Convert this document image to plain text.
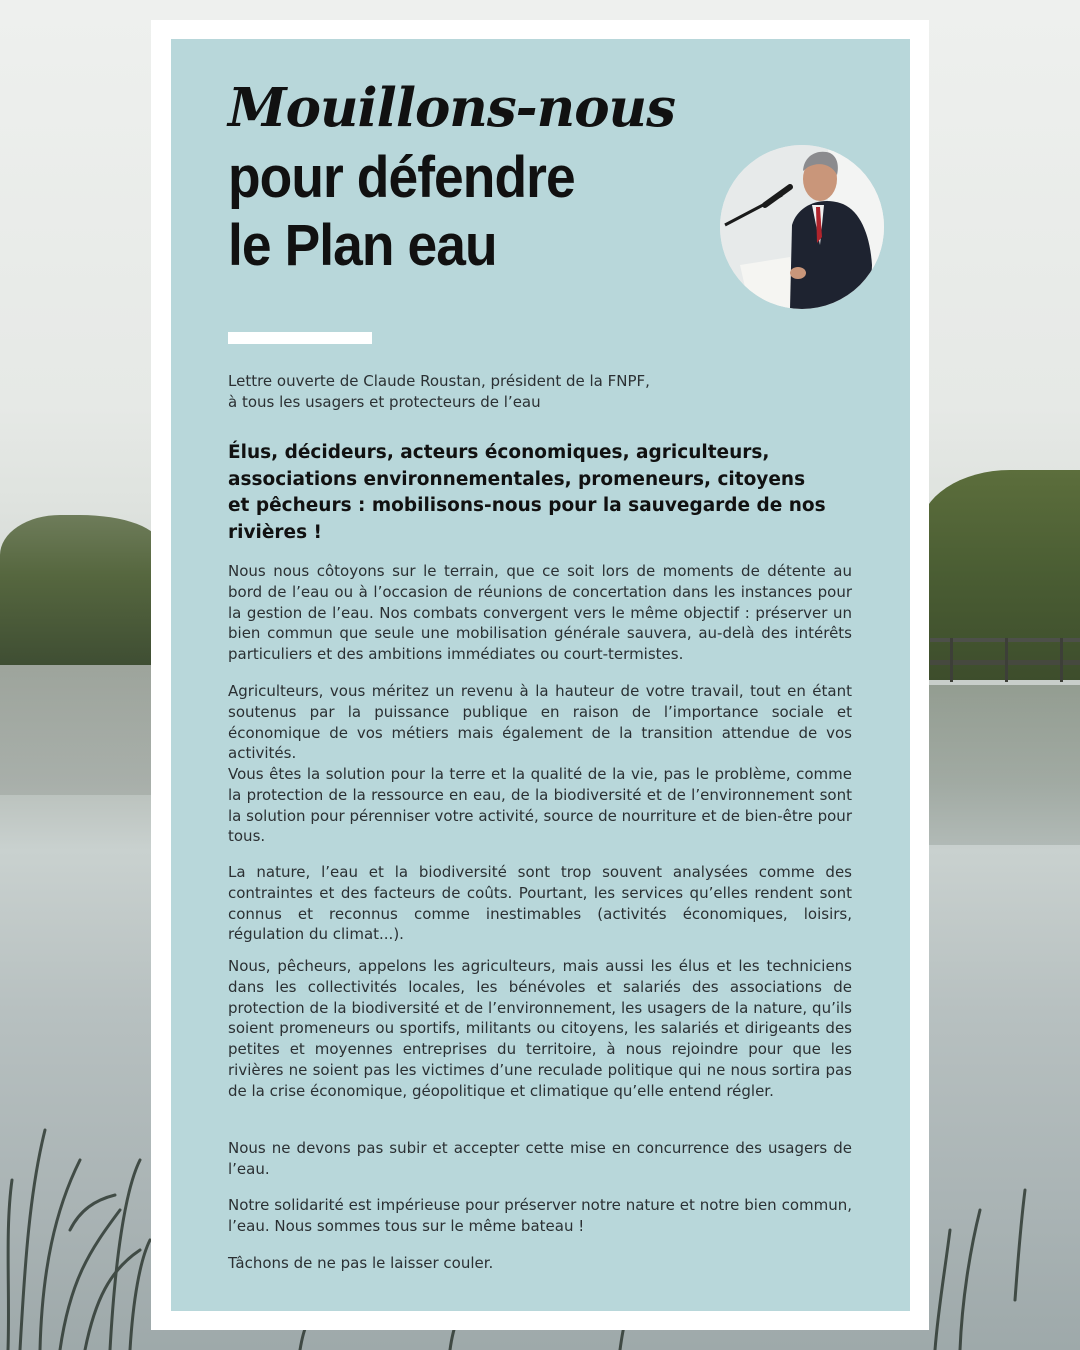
Mouillons-nous
pour défendre
le Plan eau

Lettre ouverte de Claude Roustan, président de la FNPF,
à tous les usagers et protecteurs de l’eau

Élus, décideurs, acteurs économiques, agriculteurs, associations environnementales, promeneurs, citoyens et pêcheurs : mobilisons-nous pour la sauvegarde de nos rivières !

Nous nous côtoyons sur le terrain, que ce soit lors de moments de détente au bord de l’eau ou à l’occasion de réunions de concertation dans les instances pour la gestion de l’eau. Nos combats convergent vers le même objectif : préserver un bien commun que seule une mobilisation générale sauvera, au-delà des intérêts particuliers et des ambitions immédiates ou court-termistes.

Agriculteurs, vous méritez un revenu à la hauteur de votre travail, tout en étant soutenus par la puissance publique en raison de l’importance sociale et économique de vos métiers mais également de la transition attendue de vos activités.

Vous êtes la solution pour la terre et la qualité de la vie, pas le problème, comme la protection de la ressource en eau, de la biodiversité et de l’environnement sont la solution pour pérenniser votre activité, source de nourriture et de bien-être pour tous.

La nature, l’eau et la biodiversité sont trop souvent analysées comme des contraintes et des facteurs de coûts. Pourtant, les services qu’elles rendent sont connus et reconnus comme inestimables (activités économiques, loisirs, régulation du climat...).

Nous, pêcheurs, appelons les agriculteurs, mais aussi les élus et les techniciens dans les collectivités locales, les bénévoles et salariés des associations de protection de la biodiversité et de l’environnement, les usagers de la nature, qu’ils soient promeneurs ou sportifs, militants ou citoyens, les salariés et dirigeants des petites et moyennes entreprises du territoire, à nous rejoindre pour que les rivières ne soient pas les victimes d’une reculade politique qui ne nous sortira pas de la crise économique, géopolitique et climatique qu’elle entend régler.

Nous ne devons pas subir et accepter cette mise en concurrence des usagers de l’eau.

Notre solidarité est impérieuse pour préserver notre nature et notre bien commun, l’eau. Nous sommes tous sur le même bateau !

Tâchons de ne pas le laisser couler.
